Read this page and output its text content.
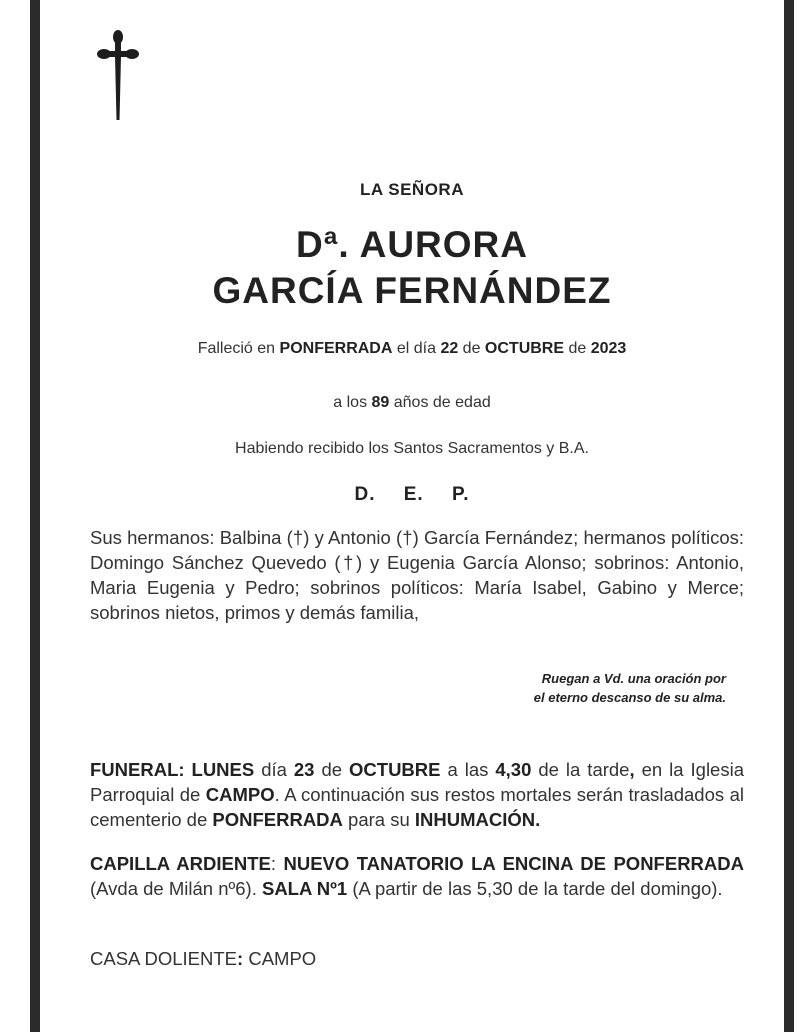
LA SEÑORA
Dª. AURORA
GARCÍA FERNÁNDEZ
Falleció en PONFERRADA el día 22 de OCTUBRE de 2023
a los 89 años de edad
Habiendo recibido los Santos Sacramentos y B.A.
D. E. P.
Sus hermanos: Balbina (†) y Antonio (†) García Fernández; hermanos políticos: Domingo Sánchez Quevedo (†) y Eugenia García Alonso; sobrinos: Antonio, Maria Eugenia y Pedro; sobrinos políticos: María Isabel, Gabino y Merce; sobrinos nietos, primos y demás familia,
Ruegan a Vd. una oración por
el eterno descanso de su alma.
FUNERAL: LUNES día 23 de OCTUBRE a las 4,30 de la tarde, en la Iglesia Parroquial de CAMPO. A continuación sus restos mortales serán trasladados al cementerio de PONFERRADA para su INHUMACIÓN.
CAPILLA ARDIENTE: NUEVO TANATORIO LA ENCINA DE PONFERRADA (Avda de Milán nº6). SALA Nº1 (A partir de las 5,30 de la tarde del domingo).
CASA DOLIENTE: CAMPO
